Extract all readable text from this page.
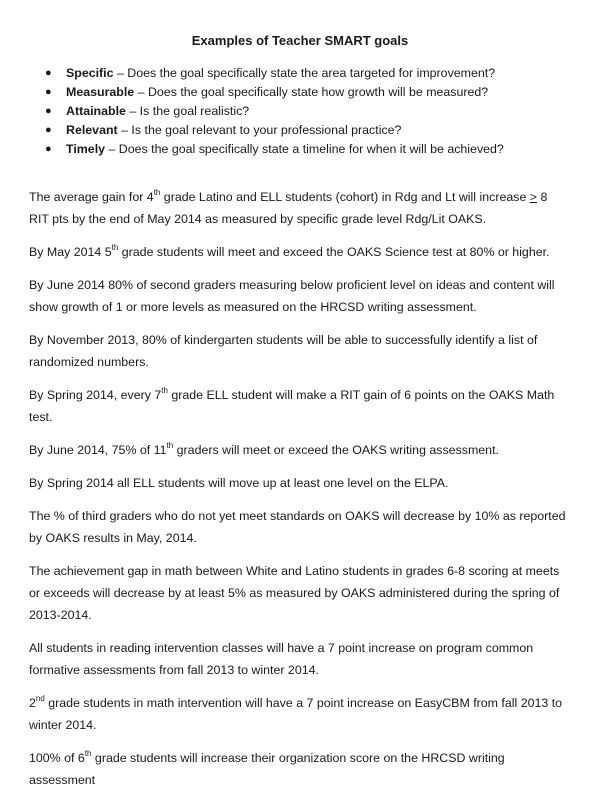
Examples of Teacher SMART goals
● Specific – Does the goal specifically state the area targeted for improvement?
● Measurable – Does the goal specifically state how growth will be measured?
● Attainable – Is the goal realistic?
● Relevant – Is the goal relevant to your professional practice?
● Timely – Does the goal specifically state a timeline for when it will be achieved?

The average gain for 4th grade Latino and ELL students (cohort) in Rdg and Lt will increase ≥ 8 RIT pts by the end of May 2014 as measured by specific grade level Rdg/Lit OAKS.

By May 2014 5th grade students will meet and exceed the OAKS Science test at 80% or higher.

By June 2014 80% of second graders measuring below proficient level on ideas and content will show growth of 1 or more levels as measured on the HRCSD writing assessment.

By November 2013, 80% of kindergarten students will be able to successfully identify a list of randomized numbers.

By Spring 2014, every 7th grade ELL student will make a RIT gain of 6 points on the OAKS Math test.

By June 2014, 75% of 11th graders will meet or exceed the OAKS writing assessment.

By Spring 2014 all ELL students will move up at least one level on the ELPA.

The % of third graders who do not yet meet standards on OAKS will decrease by 10% as reported by OAKS results in May, 2014.

The achievement gap in math between White and Latino students in grades 6-8 scoring at meets or exceeds will decrease by at least 5% as measured by OAKS administered during the spring of 2013-2014.

All students in reading intervention classes will have a 7 point increase on program common formative assessments from fall 2013 to winter 2014.

2nd grade students in math intervention will have a 7 point increase on EasyCBM from fall 2013 to winter 2014.

100% of 6th grade students will increase their organization score on the HRCSD writing assessment
